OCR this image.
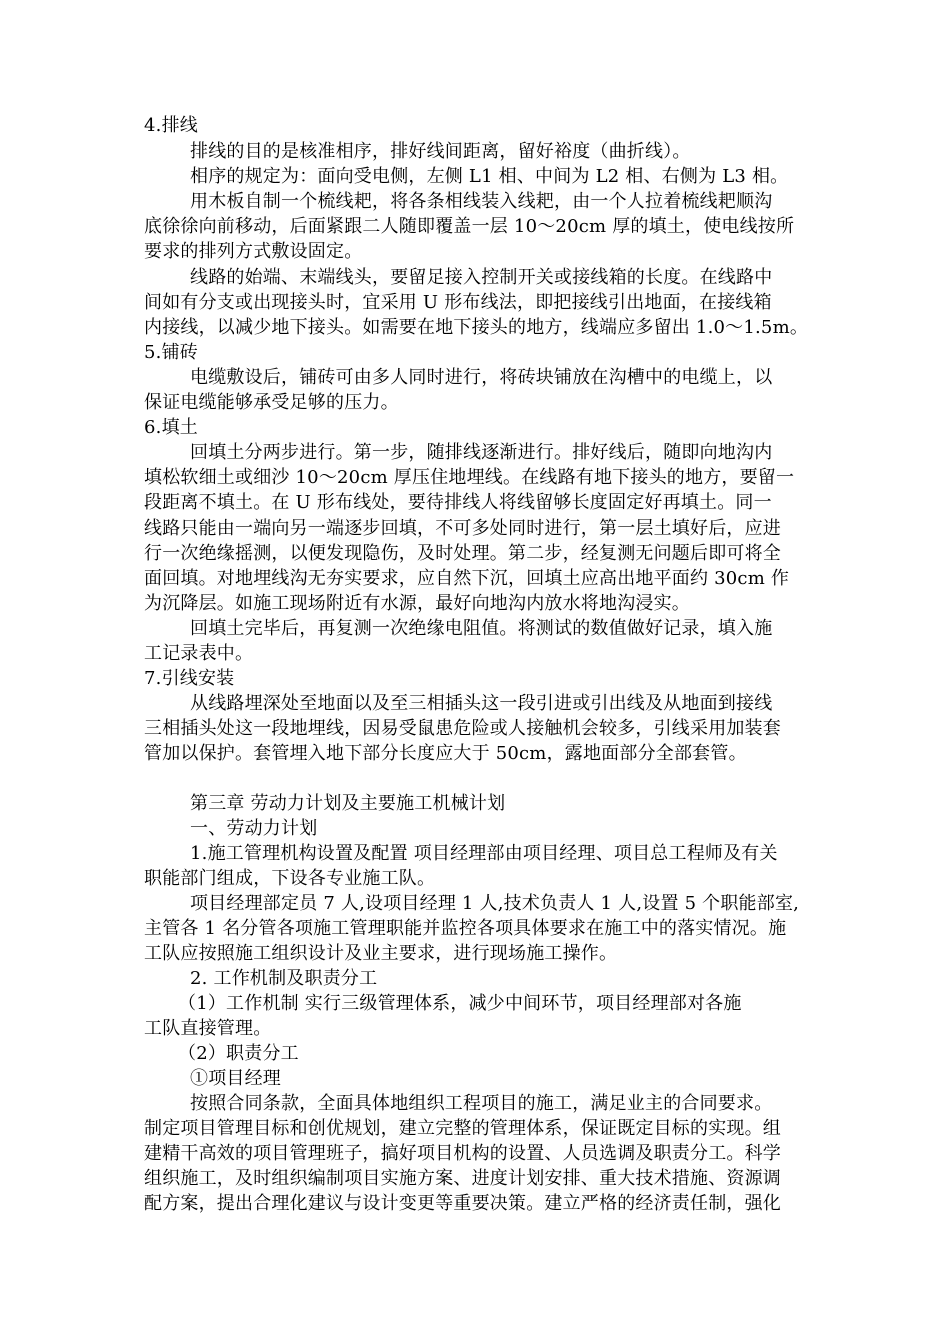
4.排线
排线的目的是核准相序，排好线间距离，留好裕度（曲折线）。
相序的规定为：面向受电侧，左侧 L1 相、中间为 L2 相、右侧为 L3 相。
用木板自制一个梳线耙，将各条相线装入线耙，由一个人拉着梳线耙顺沟
底徐徐向前移动，后面紧跟二人随即覆盖一层 10～20cm 厚的填土，使电线按所
要求的排列方式敷设固定。
线路的始端、末端线头，要留足接入控制开关或接线箱的长度。在线路中
间如有分支或出现接头时，宜采用 U 形布线法，即把接线引出地面，在接线箱
内接线，以减少地下接头。如需要在地下接头的地方，线端应多留出 1.0～1.5m。
5.铺砖
电缆敷设后，铺砖可由多人同时进行，将砖块铺放在沟槽中的电缆上，以
保证电缆能够承受足够的压力。
6.填土
回填土分两步进行。第一步，随排线逐渐进行。排好线后，随即向地沟内
填松软细土或细沙 10～20cm 厚压住地埋线。在线路有地下接头的地方，要留一
段距离不填土。在 U 形布线处，要待排线人将线留够长度固定好再填土。同一
线路只能由一端向另一端逐步回填，不可多处同时进行，第一层土填好后，应进
行一次绝缘摇测，以便发现隐伤，及时处理。第二步，经复测无问题后即可将全
面回填。对地埋线沟无夯实要求，应自然下沉，回填土应高出地平面约 30cm 作
为沉降层。如施工现场附近有水源，最好向地沟内放水将地沟浸实。
回填土完毕后，再复测一次绝缘电阻值。将测试的数值做好记录，填入施
工记录表中。
7.引线安装
从线路埋深处至地面以及至三相插头这一段引进或引出线及从地面到接线
三相插头处这一段地埋线，因易受鼠患危险或人接触机会较多，引线采用加装套
管加以保护。套管埋入地下部分长度应大于 50cm，露地面部分全部套管。
第三章 劳动力计划及主要施工机械计划
一、劳动力计划
1.施工管理机构设置及配置 项目经理部由项目经理、项目总工程师及有关
职能部门组成，下设各专业施工队。
项目经理部定员 7 人,设项目经理 1 人,技术负责人 1 人,设置 5 个职能部室,
主管各 1 名分管各项施工管理职能并监控各项具体要求在施工中的落实情况。施
工队应按照施工组织设计及业主要求，进行现场施工操作。
2. 工作机制及职责分工
（1）工作机制 实行三级管理体系，减少中间环节，项目经理部对各施
工队直接管理。
（2）职责分工
①项目经理
按照合同条款，全面具体地组织工程项目的施工，满足业主的合同要求。
制定项目管理目标和创优规划，建立完整的管理体系，保证既定目标的实现。组
建精干高效的项目管理班子，搞好项目机构的设置、人员选调及职责分工。科学
组织施工，及时组织编制项目实施方案、进度计划安排、重大技术措施、资源调
配方案，提出合理化建议与设计变更等重要决策。建立严格的经济责任制，强化
